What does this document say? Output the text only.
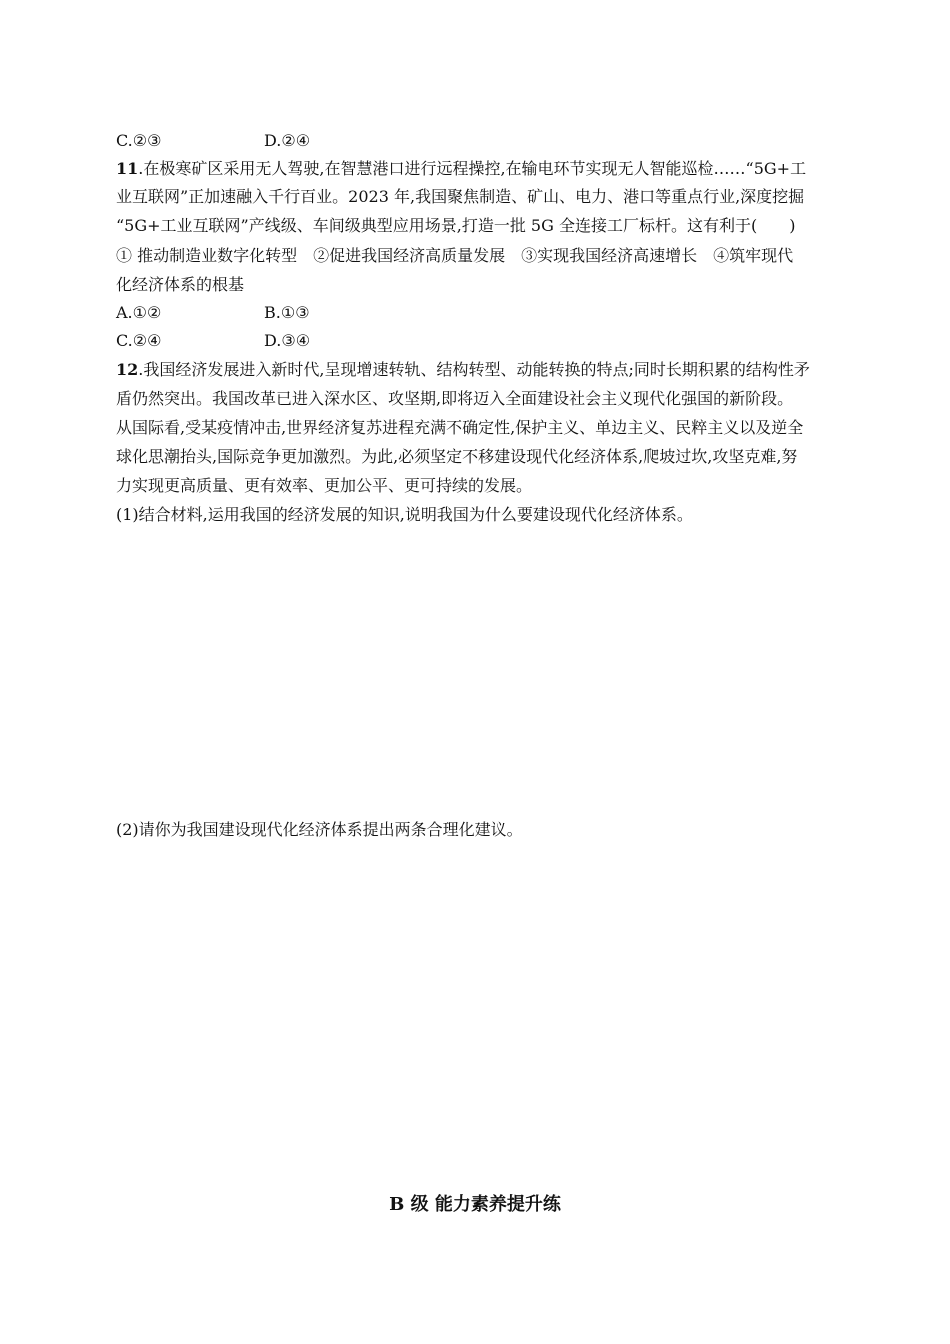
C.②③	D.②④
11.在极寒矿区采用无人驾驶,在智慧港口进行远程操控,在输电环节实现无人智能巡检……“5G+工
业互联网”正加速融入千行百业。2023 年,我国聚焦制造、矿山、电力、港口等重点行业,深度挖掘
“5G+工业互联网”产线级、车间级典型应用场景,打造一批 5G 全连接工厂标杆。这有利于(　　)
① 推动制造业数字化转型　②促进我国经济高质量发展　③实现我国经济高速增长　④筑牢现代
化经济体系的根基
A.①②	B.①③
C.②④	D.③④
12.我国经济发展进入新时代,呈现增速转轨、结构转型、动能转换的特点;同时长期积累的结构性矛
盾仍然突出。我国改革已进入深水区、攻坚期,即将迈入全面建设社会主义现代化强国的新阶段。
从国际看,受某疫情冲击,世界经济复苏进程充满不确定性,保护主义、单边主义、民粹主义以及逆全
球化思潮抬头,国际竞争更加激烈。为此,必须坚定不移建设现代化经济体系,爬坡过坎,攻坚克难,努
力实现更高质量、更有效率、更加公平、更可持续的发展。
(1)结合材料,运用我国的经济发展的知识,说明我国为什么要建设现代化经济体系。
(2)请你为我国建设现代化经济体系提出两条合理化建议。
B 级 能力素养提升练
